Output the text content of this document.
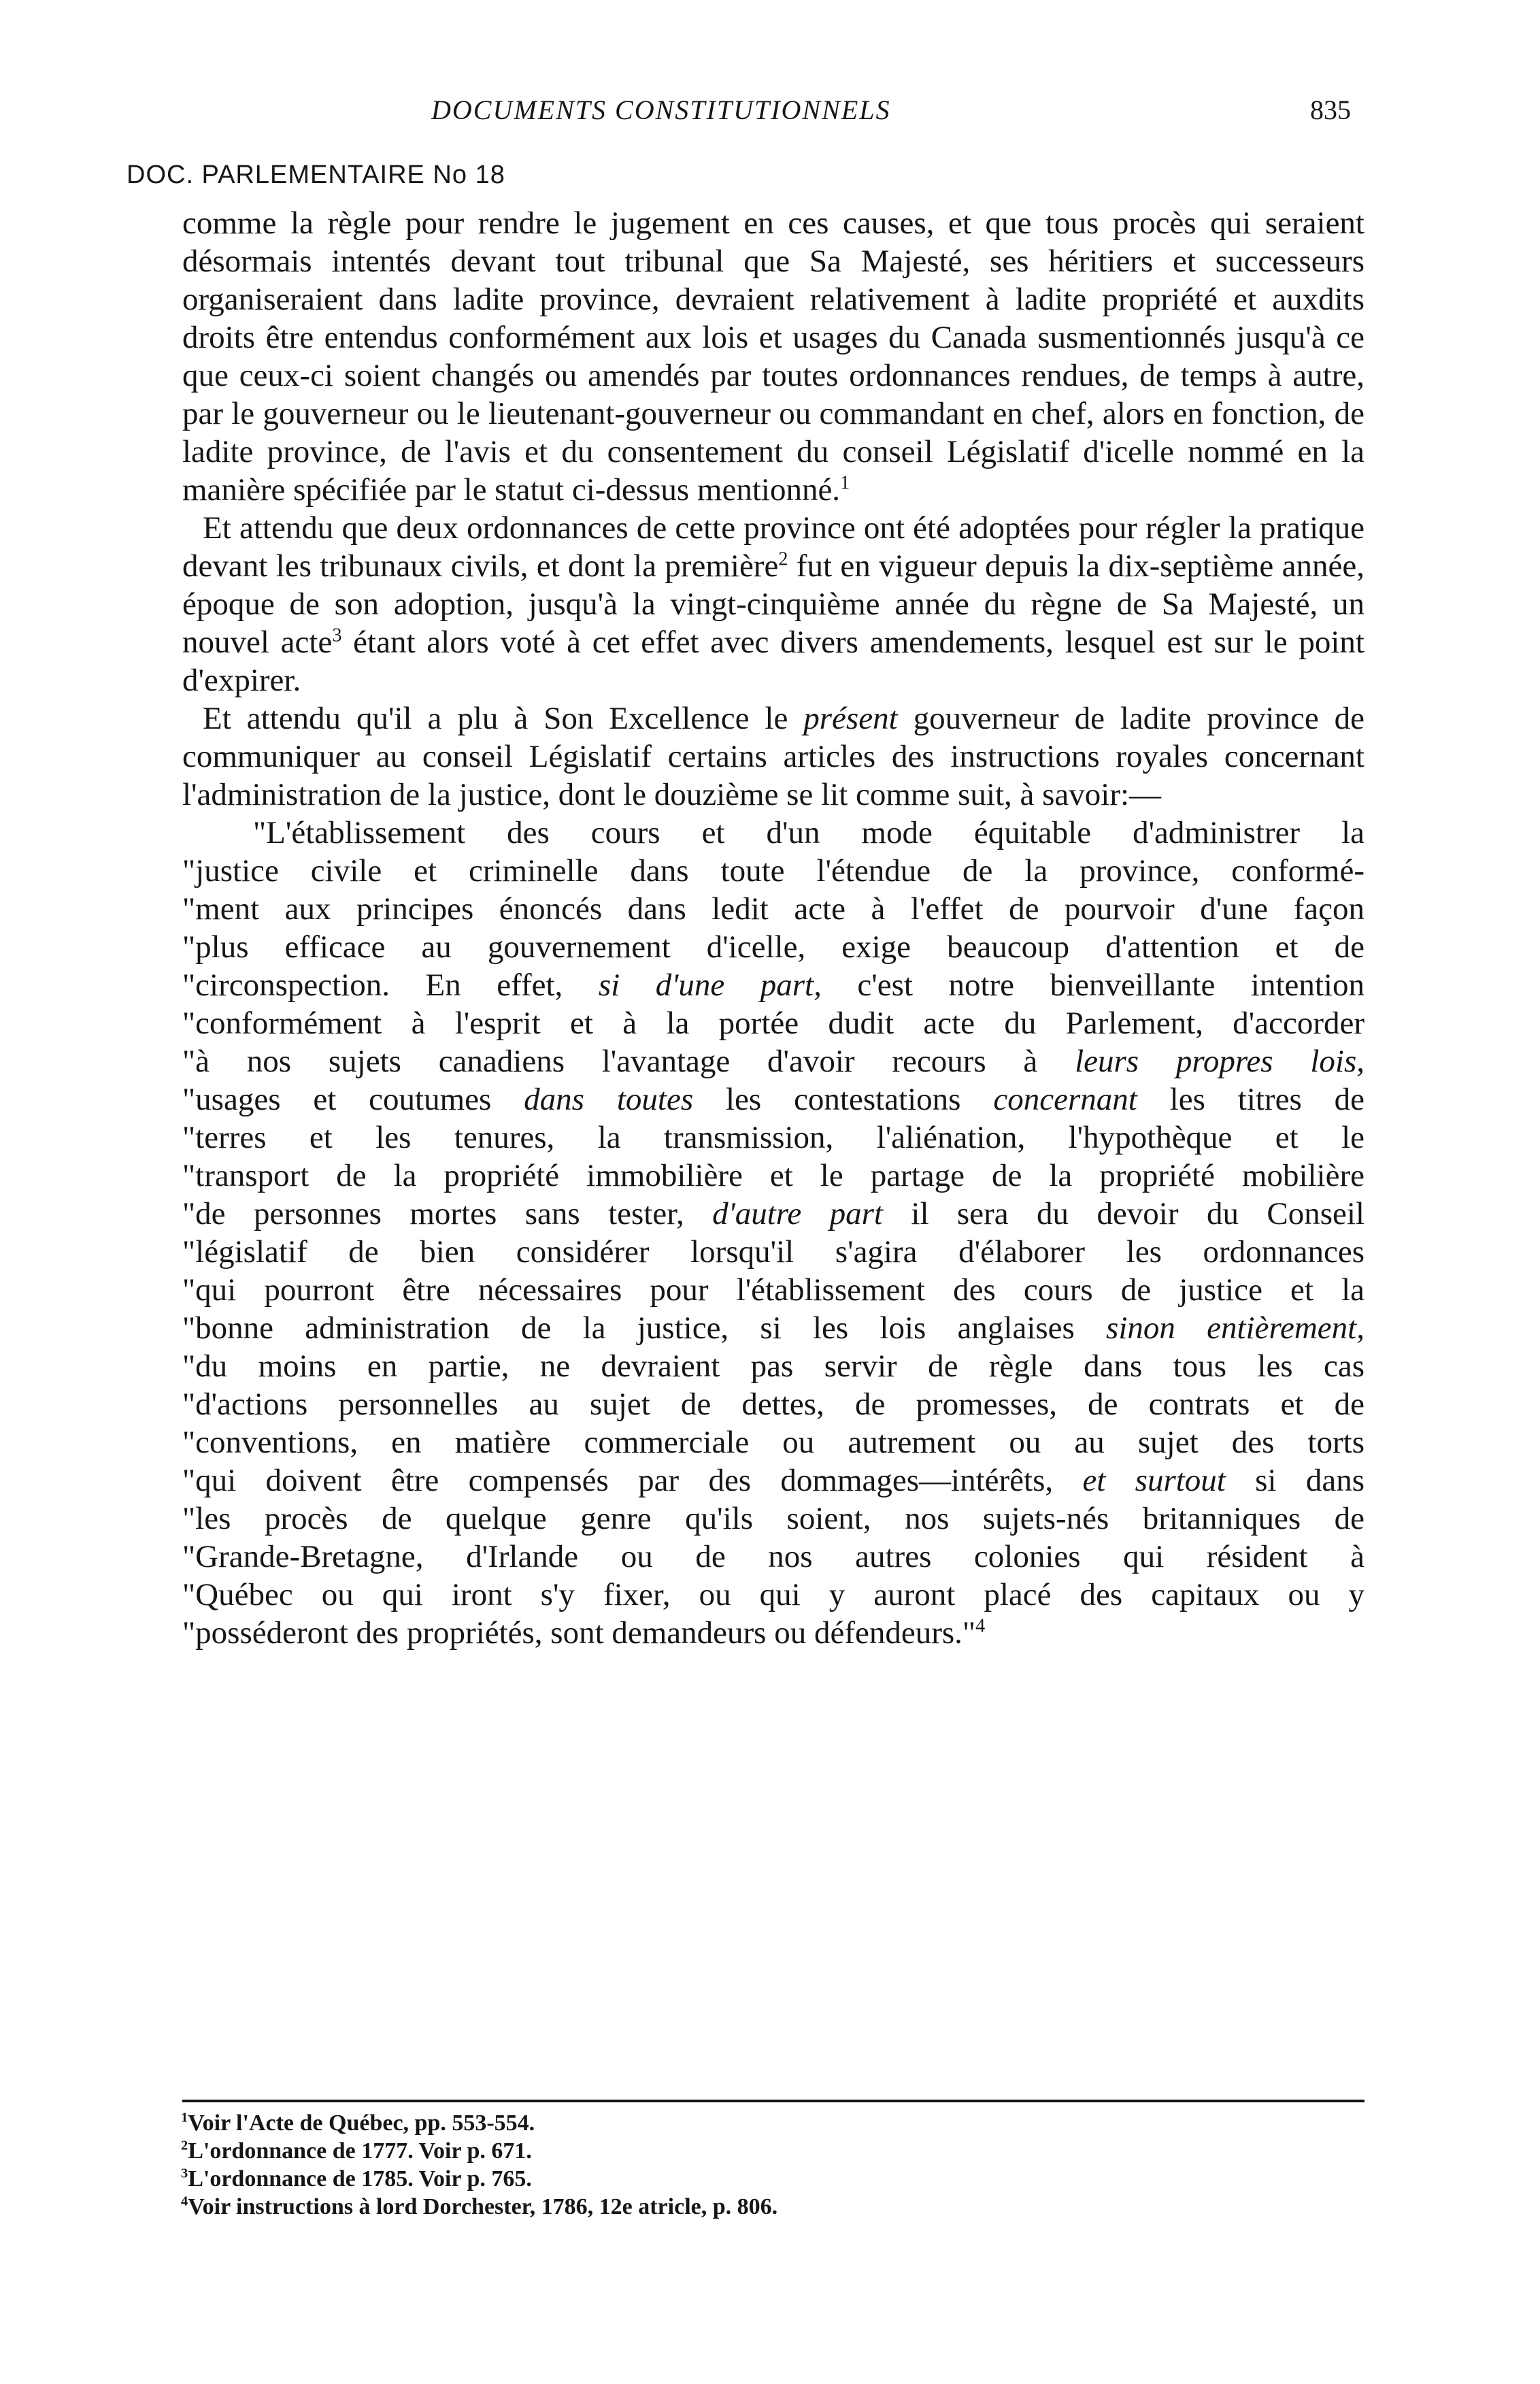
DOCUMENTS CONSTITUTIONNELS	835
DOC. PARLEMENTAIRE No 18

comme la règle pour rendre le jugement en ces causes, et que tous procès qui seraient désormais intentés devant tout tribunal que Sa Majesté, ses héritiers et successeurs organiseraient dans ladite province, devraient relativement à ladite propriété et auxdits droits être entendus conformément aux lois et usages du Canada susmentionnés jusqu'à ce que ceux-ci soient changés ou amendés par toutes ordonnances rendues, de temps à autre, par le gouverneur ou le lieutenant-gouverneur ou commandant en chef, alors en fonction, de ladite province, de l'avis et du consentement du conseil Législatif d'icelle nommé en la manière spécifiée par le statut ci-dessus mentionné.$^1$

Et attendu que deux ordonnances de cette province ont été adoptées pour régler la pratique devant les tribunaux civils, et dont la première$^2$ fut en vigueur depuis la dix-septième année, époque de son adoption, jusqu'à la vingt-cinquième année du règne de Sa Majesté, un nouvel acte$^3$ étant alors voté à cet effet avec divers amendements, lesquel est sur le point d'expirer.

Et attendu qu'il a plu à Son Excellence le présent gouverneur de ladite province de communiquer au conseil Législatif certains articles des instructions royales concernant l'administration de la justice, dont le douzième se lit comme suit, à savoir:—

"L'établissement des cours et d'un mode équitable d'administrer la
"justice civile et criminelle dans toute l'étendue de la province, conformé-
"ment aux principes énoncés dans ledit acte à l'effet de pourvoir d'une façon
"plus efficace au gouvernement d'icelle, exige beaucoup d'attention et de
"circonspection. En effet, si d'une part, c'est notre bienveillante intention
"conformément à l'esprit et à la portée dudit acte du Parlement, d'accorder
"à nos sujets canadiens l'avantage d'avoir recours à leurs propres lois,
"usages et coutumes dans toutes les contestations concernant les titres de
"terres et les tenures, la transmission, l'aliénation, l'hypothèque et le
"transport de la propriété immobilière et le partage de la propriété mobilière
"de personnes mortes sans tester, d'autre part il sera du devoir du Conseil
"législatif de bien considérer lorsqu'il s'agira d'élaborer les ordonnances
"qui pourront être nécessaires pour l'établissement des cours de justice et la
"bonne administration de la justice, si les lois anglaises sinon entièrement,
"du moins en partie, ne devraient pas servir de règle dans tous les cas
"d'actions personnelles au sujet de dettes, de promesses, de contrats et de
"conventions, en matière commerciale ou autrement ou au sujet des torts
"qui doivent être compensés par des dommages—intérêts, et surtout si dans
"les procès de quelque genre qu'ils soient, nos sujets-nés britanniques de
"Grande-Bretagne, d'Irlande ou de nos autres colonies qui résident à
"Québec ou qui iront s'y fixer, ou qui y auront placé des capitaux ou y
"posséderont des propriétés, sont demandeurs ou défendeurs."$^4$
$^1$Voir l'Acte de Québec, pp. 553-554.
$^2$L'ordonnance de 1777. Voir p. 671.
$^3$L'ordonnance de 1785. Voir p. 765.
$^4$Voir instructions à lord Dorchester, 1786, 12e atricle, p. 806.
